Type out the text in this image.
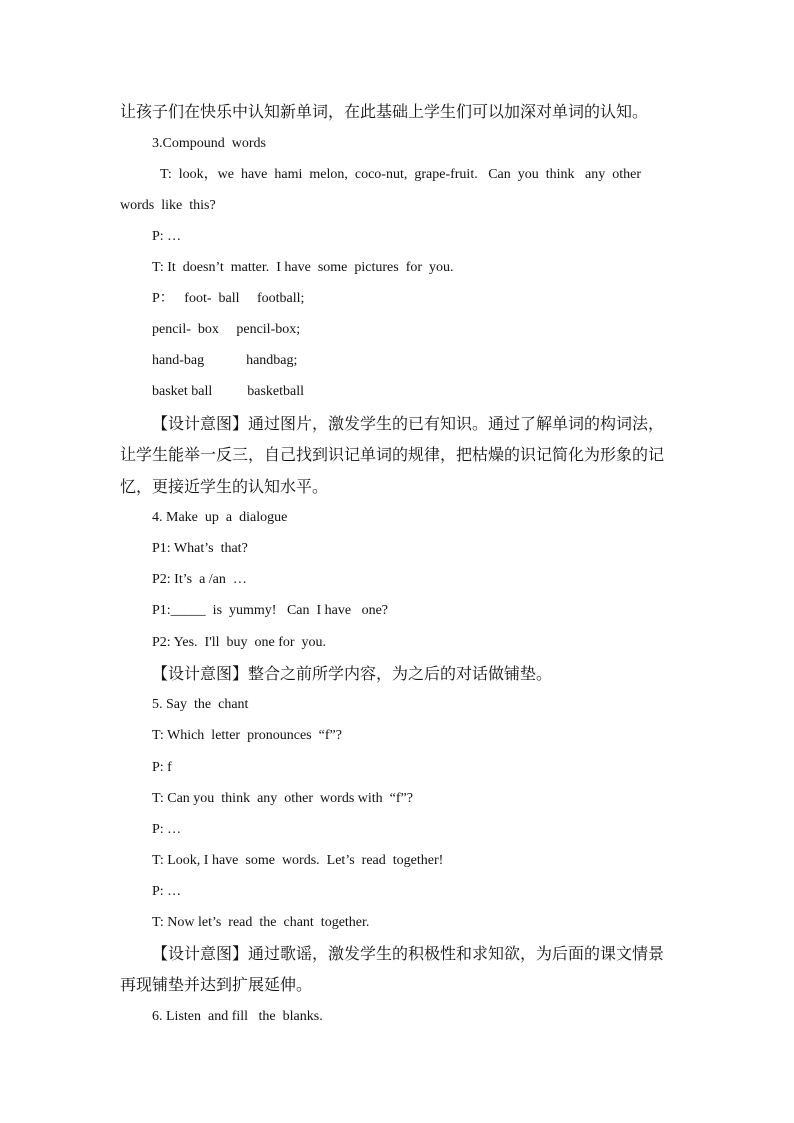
让孩子们在快乐中认知新单词，在此基础上学生们可以加深对单词的认知。
3.Compound  words
T:  look，we  have  hami  melon,  coco-nut,  grape-fruit.   Can  you  think   any  other
words  like  this?
P: …
T: It  doesn’t  matter.  I have  some  pictures  for  you.
P：   foot-  ball     football;
pencil-  box     pencil-box;
hand-bag            handbag;
basket ball          basketball
【设计意图】通过图片，激发学生的已有知识。通过了解单词的构词法，
让学生能举一反三，自己找到识记单词的规律，把枯燥的识记简化为形象的记
忆，更接近学生的认知水平。
4. Make  up  a  dialogue
P1: What’s  that?
P2: It’s  a /an  …
P1:_____  is  yummy!   Can  I have   one?
P2: Yes.  I'll  buy  one for  you.
【设计意图】整合之前所学内容，为之后的对话做铺垫。
5. Say  the  chant
T: Which  letter  pronounces  “f”?
P: f
T: Can you  think  any  other  words with  “f”?
P: …
T: Look, I have  some  words.  Let’s  read  together!
P: …
T: Now let’s  read  the  chant  together.
【设计意图】通过歌谣，激发学生的积极性和求知欲，为后面的课文情景
再现铺垫并达到扩展延伸。
6. Listen  and fill   the  blanks.
